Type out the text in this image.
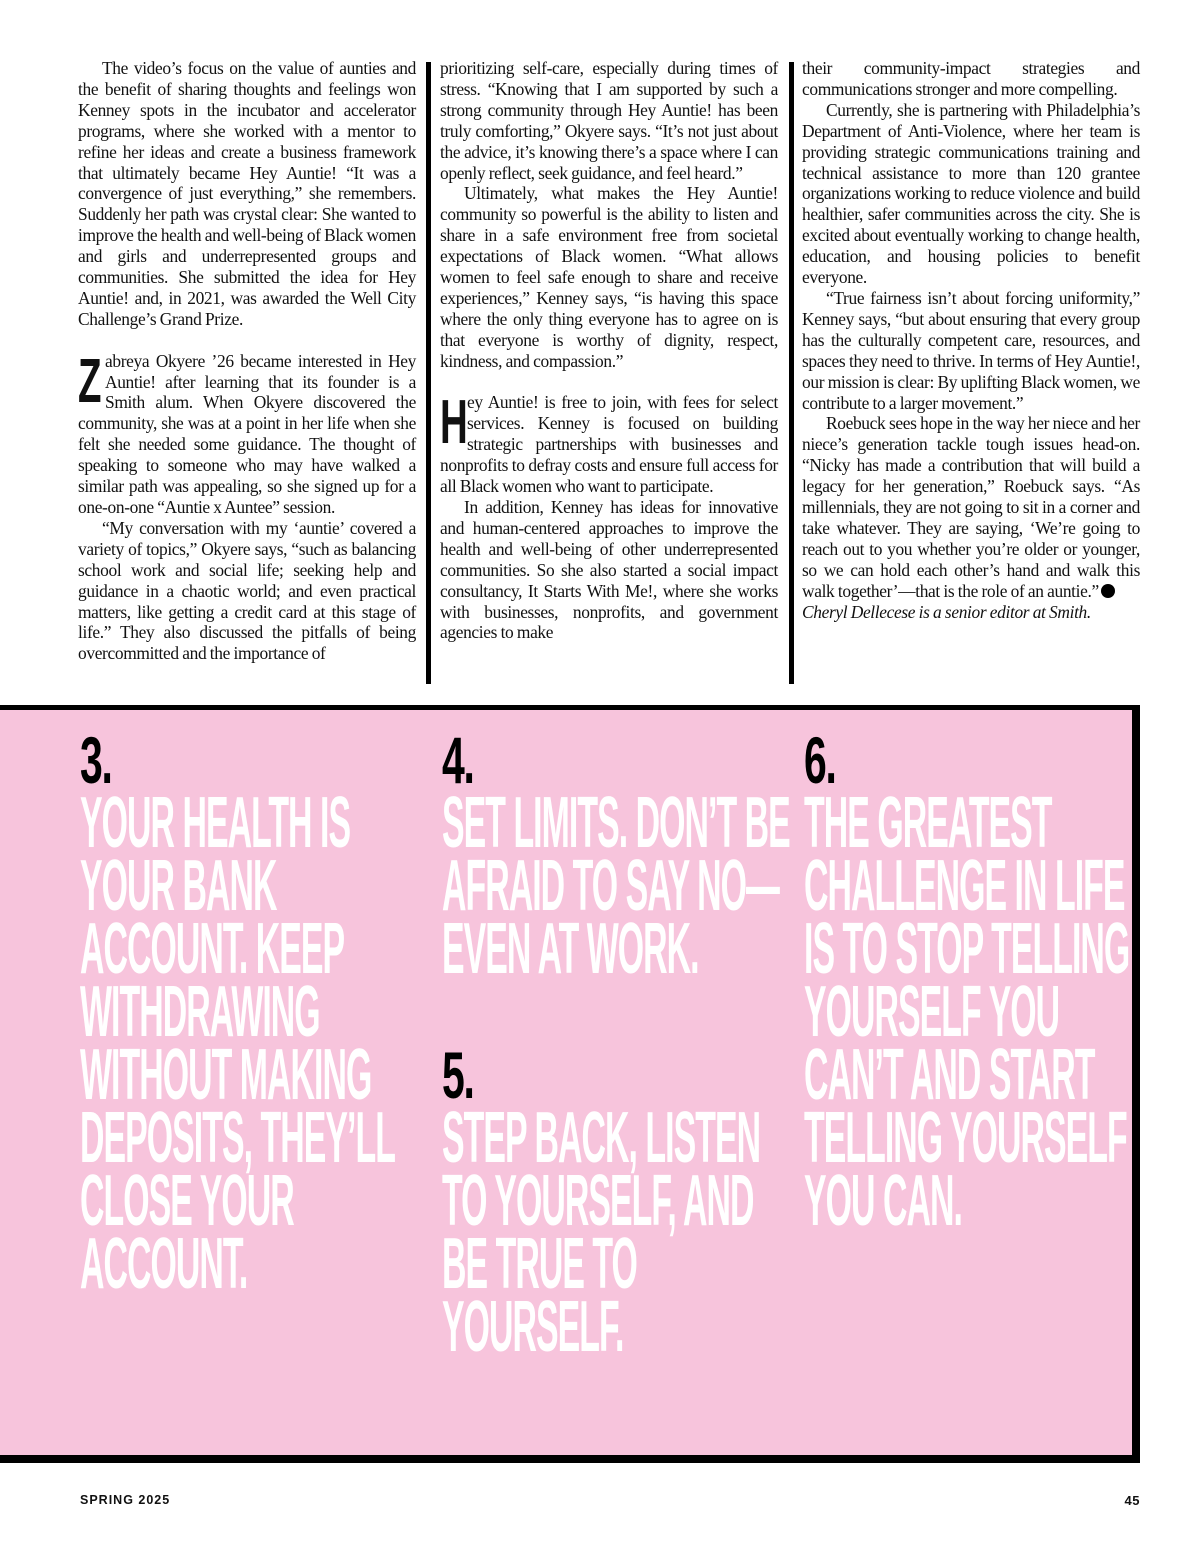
The video’s focus on the value of aunties and the benefit of sharing thoughts and feelings won Kenney spots in the incubator and accelerator programs, where she worked with a mentor to refine her ideas and create a business framework that ultimately became Hey Auntie! “It was a convergence of just everything,” she remembers. Suddenly her path was crystal clear: She wanted to improve the health and well-being of Black women and girls and underrepresented groups and communities. She submitted the idea for Hey Auntie! and, in 2021, was awarded the Well City Challenge’s Grand Prize.

Zabreya Okyere ’26 became interested in Hey Auntie! after learning that its founder is a Smith alum. When Okyere discovered the community, she was at a point in her life when she felt she needed some guidance. The thought of speaking to someone who may have walked a similar path was appealing, so she signed up for a one-on-one “Auntie x Auntee” session.

“My conversation with my ‘auntie’ covered a variety of topics,” Okyere says, “such as balancing school work and social life; seeking help and guidance in a chaotic world; and even practical matters, like getting a credit card at this stage of life.” They also discussed the pitfalls of being overcommitted and the importance of

prioritizing self-care, especially during times of stress. “Knowing that I am supported by such a strong community through Hey Auntie! has been truly comforting,” Okyere says. “It’s not just about the advice, it’s knowing there’s a space where I can openly reflect, seek guidance, and feel heard.”

Ultimately, what makes the Hey Auntie! community so powerful is the ability to listen and share in a safe environment free from societal expectations of Black women. “What allows women to feel safe enough to share and receive experiences,” Kenney says, “is having this space where the only thing everyone has to agree on is that everyone is worthy of dignity, respect, kindness, and compassion.”

Hey Auntie! is free to join, with fees for select services. Kenney is focused on building strategic partnerships with businesses and nonprofits to defray costs and ensure full access for all Black women who want to participate.

In addition, Kenney has ideas for innovative and human-centered approaches to improve the health and well-being of other underrepresented communities. So she also started a social impact consultancy, It Starts With Me!, where she works with businesses, nonprofits, and government agencies to make

their community-impact strategies and communications stronger and more compelling.

Currently, she is partnering with Philadelphia’s Department of Anti-Violence, where her team is providing strategic communications training and technical assistance to more than 120 grantee organizations working to reduce violence and build healthier, safer communities across the city. She is excited about eventually working to change health, education, and housing policies to benefit everyone.

“True fairness isn’t about forcing uniformity,” Kenney says, “but about ensuring that every group has the culturally competent care, resources, and spaces they need to thrive. In terms of Hey Auntie!, our mission is clear: By uplifting Black women, we contribute to a larger movement.”

Roebuck sees hope in the way her niece and her niece’s generation tackle tough issues head-on. “Nicky has made a contribution that will build a legacy for her generation,” Roebuck says. “As millennials, they are not going to sit in a corner and take whatever. They are saying, ‘We’re going to reach out to you whether you’re older or younger, so we can hold each other’s hand and walk this walk together’—that is the role of an auntie.”

Cheryl Dellecese is a senior editor at Smith.

3.
YOUR HEALTH IS YOUR BANK ACCOUNT. KEEP WITHDRAWING WITHOUT MAKING DEPOSITS, THEY’LL CLOSE YOUR ACCOUNT.
4.
SET LIMITS. DON’T BE AFRAID TO SAY NO—EVEN AT WORK.
5.
STEP BACK, LISTEN TO YOURSELF, AND BE TRUE TO YOURSELF.
6.
THE GREATEST CHALLENGE IN LIFE IS TO STOP TELLING YOURSELF YOU CAN’T AND START TELLING YOURSELF YOU CAN.
SPRING 2025	45
